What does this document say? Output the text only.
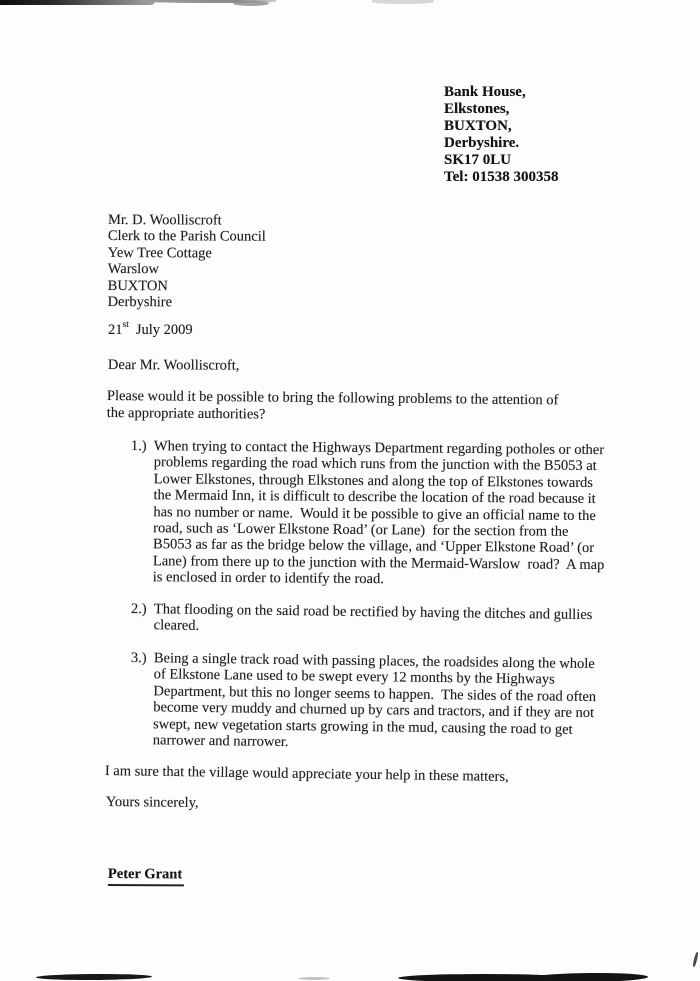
Bank House,
Elkstones,
BUXTON,
Derbyshire.
SK17 0LU
Tel: 01538 300358
Mr. D. Woolliscroft
Clerk to the Parish Council
Yew Tree Cottage
Warslow
BUXTON
Derbyshire
21st July 2009
Dear Mr. Woolliscroft,
Please would it be possible to bring the following problems to the attention of the appropriate authorities?
1.) When trying to contact the Highways Department regarding potholes or other problems regarding the road which runs from the junction with the B5053 at Lower Elkstones, through Elkstones and along the top of Elkstones towards the Mermaid Inn, it is difficult to describe the location of the road because it has no number or name.  Would it be possible to give an official name to the road, such as ‘Lower Elkstone Road’ (or Lane)  for the section from the B5053 as far as the bridge below the village, and ‘Upper Elkstone Road’ (or Lane) from there up to the junction with the Mermaid-Warslow  road?  A map is enclosed in order to identify the road.
2.) That flooding on the said road be rectified by having the ditches and gullies cleared.
3.) Being a single track road with passing places, the roadsides along the whole of Elkstone Lane used to be swept every 12 months by the Highways Department, but this no longer seems to happen.  The sides of the road often become very muddy and churned up by cars and tractors, and if they are not swept, new vegetation starts growing in the mud, causing the road to get narrower and narrower.
I am sure that the village would appreciate your help in these matters,
Yours sincerely,
Peter Grant
